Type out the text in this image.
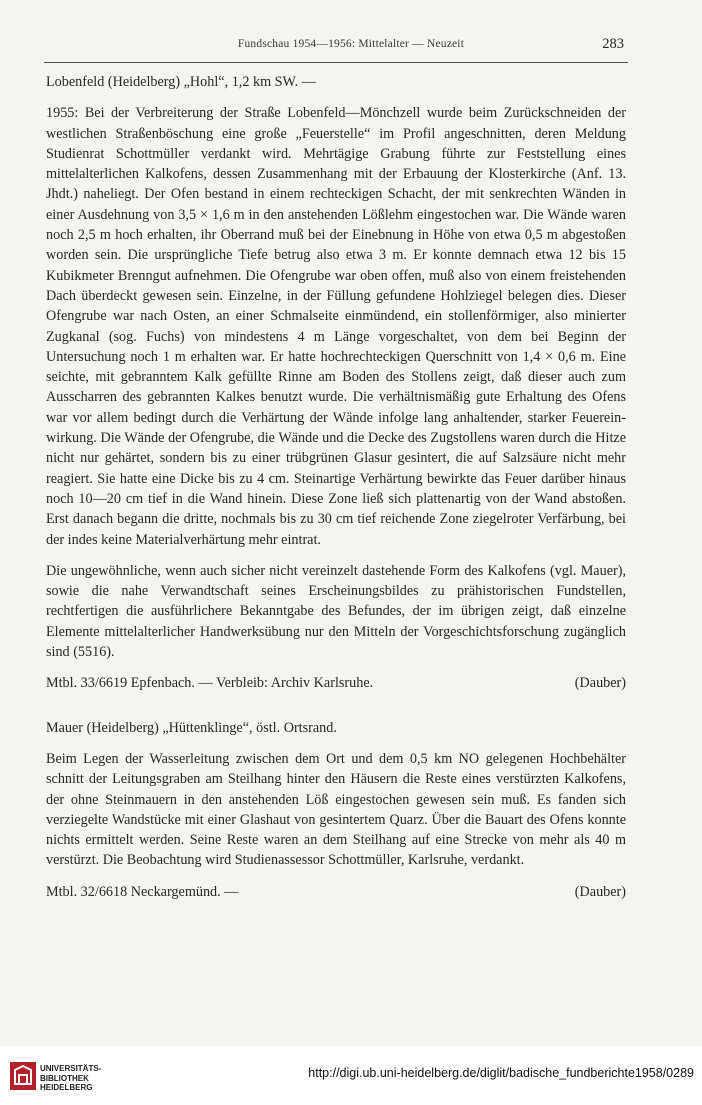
Fundschau 1954—1956: Mittelalter — Neuzeit	283

Lobenfeld (Heidelberg) „Hohl“, 1,2 km SW. —

1955: Bei der Verbreiterung der Straße Lobenfeld—Mönchzell wurde beim Zurückschneiden der westlichen Straßenböschung eine große „Feuerstelle“ im Profil angeschnitten, deren Meldung Studienrat Schottmüller verdankt wird. Mehrtägige Grabung führte zur Feststellung eines mittelalterlichen Kalkofens, dessen Zusammenhang mit der Erbauung der Klosterkirche (Anf. 13. Jhdt.) naheliegt. Der Ofen bestand in einem rechteckigen Schacht, der mit senkrechten Wänden in einer Ausdehnung von 3,5 × 1,6 m in den anstehenden Lößlehm eingestochen war. Die Wände waren noch 2,5 m hoch erhalten, ihr Oberrand muß bei der Einebnung in Höhe von etwa 0,5 m abgestoßen worden sein. Die ursprüngliche Tiefe betrug also etwa 3 m. Er konnte demnach etwa 12 bis 15 Kubikmeter Brenngut aufnehmen. Die Ofengrube war oben offen, muß also von einem freistehenden Dach überdeckt gewesen sein. Einzelne, in der Füllung gefundene Hohlziegel belegen dies. Dieser Ofengrube war nach Osten, an einer Schmalseite einmündend, ein stollenförmiger, also minierter Zugkanal (sog. Fuchs) von mindestens 4 m Länge vorgeschaltet, von dem bei Beginn der Untersuchung noch 1 m erhalten war. Er hatte hochrechteckigen Querschnitt von 1,4 × 0,6 m. Eine seichte, mit gebranntem Kalk gefüllte Rinne am Boden des Stollens zeigt, daß dieser auch zum Ausscharren des gebrannten Kalkes benutzt wurde. Die verhältnismäßig gute Erhaltung des Ofens war vor allem bedingt durch die Verhärtung der Wände infolge lang anhaltender, starker Feuereinwirkung. Die Wände der Ofengrube, die Wände und die Decke des Zugstollens waren durch die Hitze nicht nur gehärtet, sondern bis zu einer trübgrünen Glasur gesintert, die auf Salzsäure nicht mehr reagiert. Sie hatte eine Dicke bis zu 4 cm. Steinartige Verhärtung bewirkte das Feuer darüber hinaus noch 10—20 cm tief in die Wand hinein. Diese Zone ließ sich plattenartig von der Wand abstoßen. Erst danach begann die dritte, nochmals bis zu 30 cm tief reichende Zone ziegelroter Verfärbung, bei der indes keine Materialverhärtung mehr eintrat.

Die ungewöhnliche, wenn auch sicher nicht vereinzelt dastehende Form des Kalkofens (vgl. Mauer), sowie die nahe Verwandtschaft seines Erscheinungsbildes zu prähistorischen Fundstellen, rechtfertigen die ausführlichere Bekanntgabe des Befundes, der im übrigen zeigt, daß einzelne Elemente mittelalterlicher Handwerksübung nur den Mitteln der Vorgeschichtsforschung zugänglich sind (5516).

Mtbl. 33/6619 Epfenbach. — Verbleib: Archiv Karlsruhe.	(Dauber)

Mauer (Heidelberg) „Hüttenklinge“, östl. Ortsrand.

Beim Legen der Wasserleitung zwischen dem Ort und dem 0,5 km NO gelegenen Hochbehälter schnitt der Leitungsgraben am Steilhang hinter den Häusern die Reste eines verstürzten Kalkofens, der ohne Steinmauern in den anstehenden Löß eingestochen gewesen sein muß. Es fanden sich verziegelte Wandstücke mit einer Glashaut von gesintertem Quarz. Über die Bauart des Ofens konnte nichts ermittelt werden. Seine Reste waren an dem Steilhang auf eine Strecke von mehr als 40 m verstürzt. Die Beobachtung wird Studienassessor Schottmüller, Karlsruhe, verdankt.

Mtbl. 32/6618 Neckargemünd. —	(Dauber)

UNIVERSITÄTS-
BIBLIOTHEK
HEIDELBERG
http://digi.ub.uni-heidelberg.de/diglit/badische_fundberichte1958/0289
